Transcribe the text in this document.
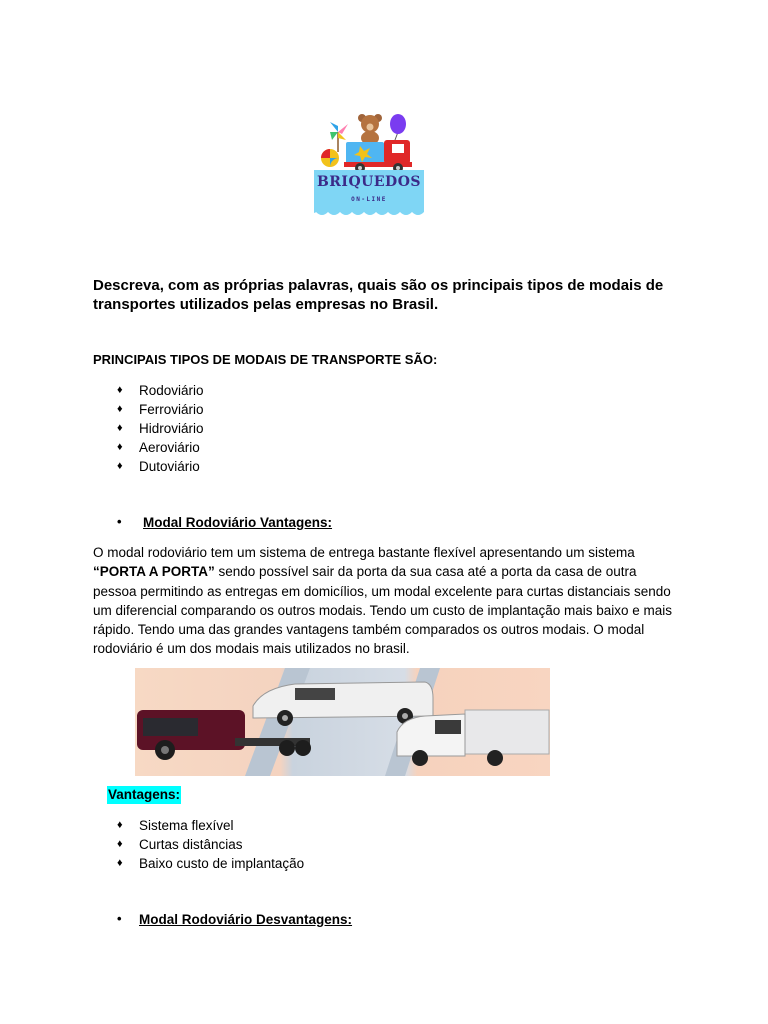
BRIQUEDOS
ON-LINE

Descreva, com as próprias palavras, quais são os principais tipos de modais de transportes utilizados pelas empresas no Brasil.

PRINCIPAIS TIPOS DE MODAIS DE TRANSPORTE SÃO:

♦ Rodoviário
♦ Ferroviário
♦ Hidroviário
♦ Aeroviário
♦ Dutoviário
• Modal Rodoviário Vantagens:

O modal rodoviário tem um sistema de entrega bastante flexível apresentando um sistema “PORTA A PORTA” sendo possível sair da porta da sua casa até a porta da casa de outra pessoa permitindo as entregas em domicílios, um modal excelente para curtas distanciais sendo um diferencial comparando os outros modais. Tendo um custo de implantação mais baixo e mais rápido. Tendo uma das grandes vantagens também comparados os outros modais. O modal rodoviário é um dos modais mais utilizados no brasil.

Vantagens:
♦ Sistema flexível
♦ Curtas distâncias
♦ Baixo custo de implantação
• Modal Rodoviário Desvantagens:
